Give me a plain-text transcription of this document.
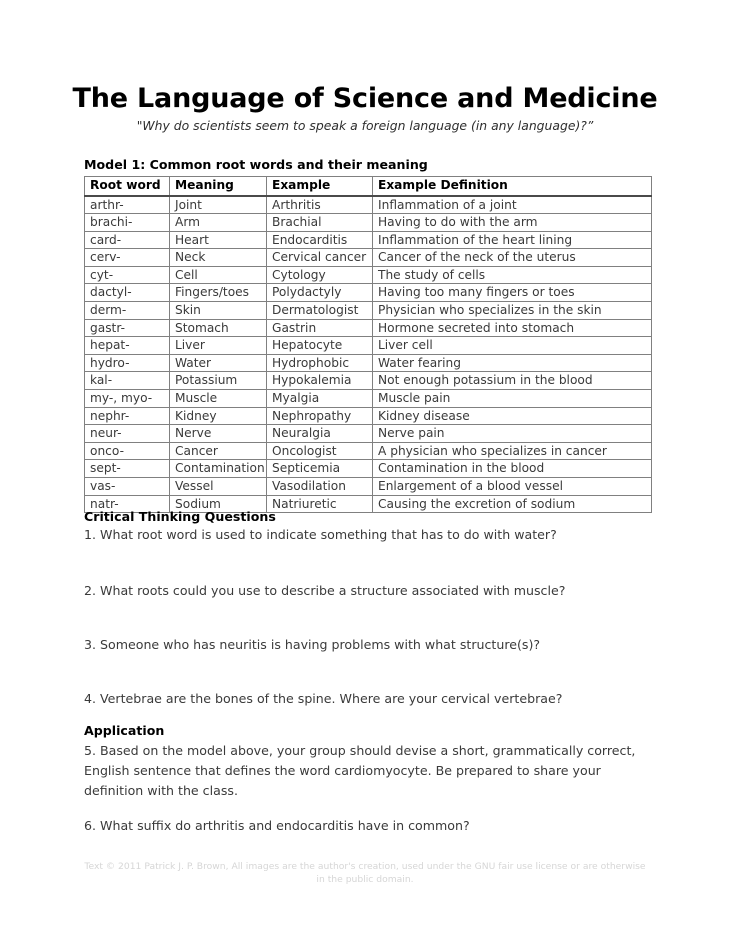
The Language of Science and Medicine
"Why do scientists seem to speak a foreign language (in any language)?”
Model 1: Common root words and their meaning
Root word	Meaning	Example	Example Definition
arthr-	Joint	Arthritis	Inflammation of a joint
brachi-	Arm	Brachial	Having to do with the arm
card-	Heart	Endocarditis	Inflammation of the heart lining
cerv-	Neck	Cervical cancer	Cancer of the neck of the uterus
cyt-	Cell	Cytology	The study of cells
dactyl-	Fingers/toes	Polydactyly	Having too many fingers or toes
derm-	Skin	Dermatologist	Physician who specializes in the skin
gastr-	Stomach	Gastrin	Hormone secreted into stomach
hepat-	Liver	Hepatocyte	Liver cell
hydro-	Water	Hydrophobic	Water fearing
kal-	Potassium	Hypokalemia	Not enough potassium in the blood
my-, myo-	Muscle	Myalgia	Muscle pain
nephr-	Kidney	Nephropathy	Kidney disease
neur-	Nerve	Neuralgia	Nerve pain
onco-	Cancer	Oncologist	A physician who specializes in cancer
sept-	Contamination	Septicemia	Contamination in the blood
vas-	Vessel	Vasodilation	Enlargement of a blood vessel
natr-	Sodium	Natriuretic	Causing the excretion of sodium
Critical Thinking Questions
1. What root word is used to indicate something that has to do with water?
2. What roots could you use to describe a structure associated with muscle?
3. Someone who has neuritis is having problems with what structure(s)?
4. Vertebrae are the bones of the spine. Where are your cervical vertebrae?
Application
5. Based on the model above, your group should devise a short, grammatically correct, English sentence that defines the word cardiomyocyte. Be prepared to share your definition with the class.
6. What suffix do arthritis and endocarditis have in common?
Text © 2011 Patrick J. P. Brown, All images are the author's creation, used under the GNU fair use license or are otherwise in the public domain.
